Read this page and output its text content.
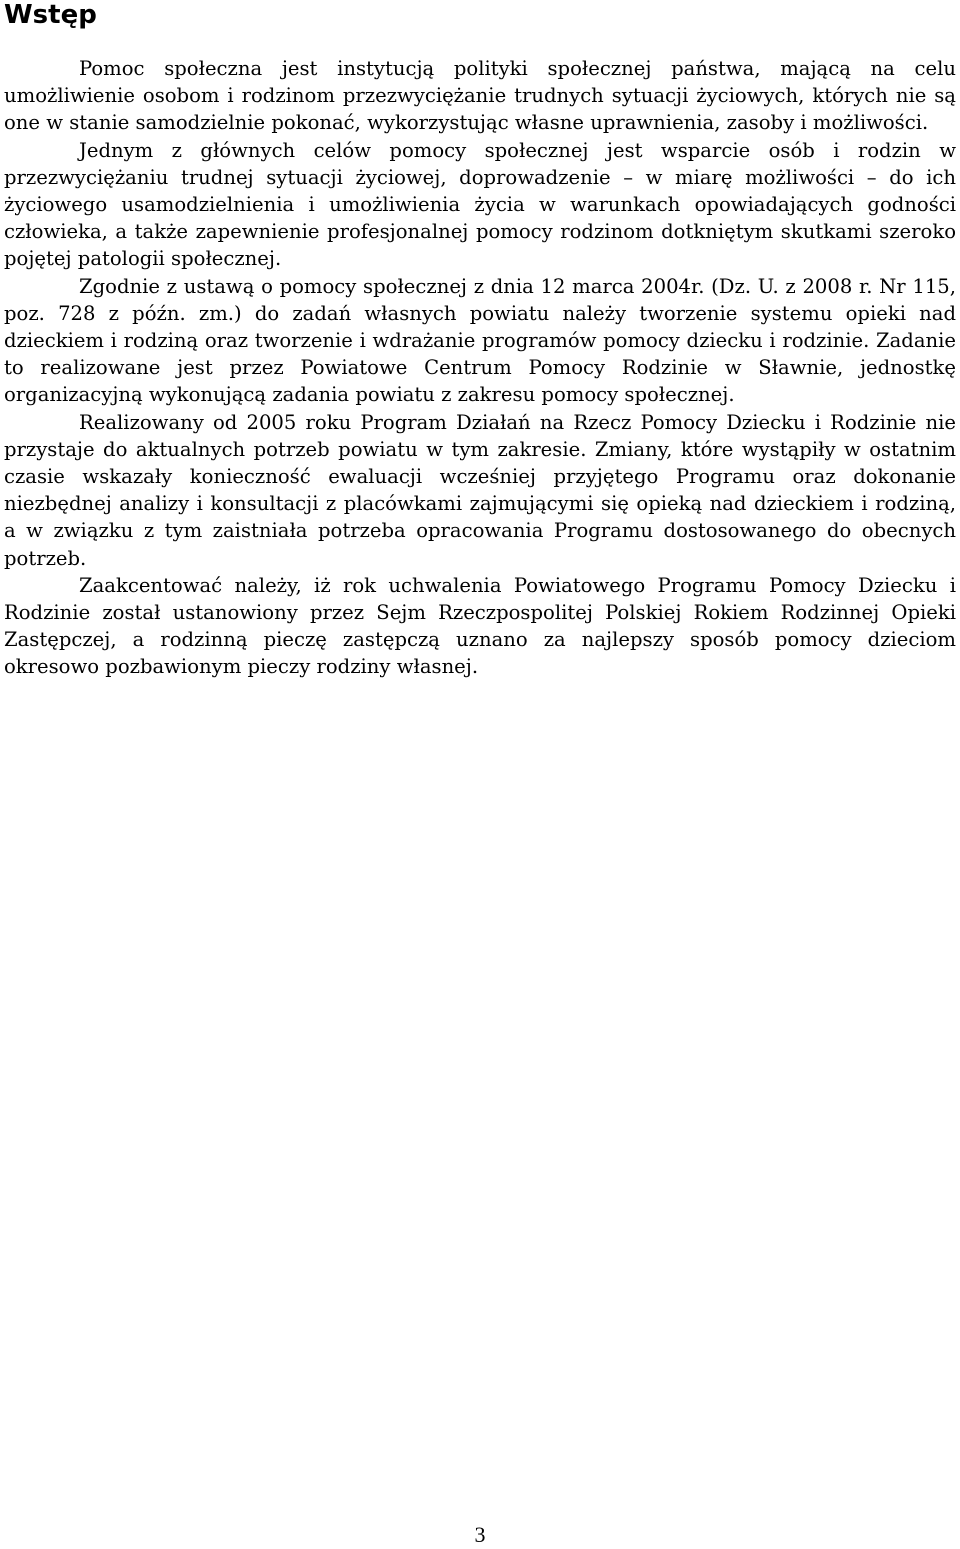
Wstęp

Pomoc społeczna jest instytucją polityki społecznej państwa, mającą na celu umożliwienie osobom i rodzinom przezwyciężanie trudnych sytuacji życiowych, których nie są one w stanie samodzielnie pokonać, wykorzystując własne uprawnienia, zasoby i możliwości.

Jednym z głównych celów pomocy społecznej jest wsparcie osób i rodzin w przezwyciężaniu trudnej sytuacji życiowej, doprowadzenie – w miarę możliwości – do ich życiowego usamodzielnienia i umożliwienia życia w warunkach opowiadających godności człowieka, a także zapewnienie profesjonalnej pomocy rodzinom dotkniętym skutkami szeroko pojętej patologii społecznej.

Zgodnie z ustawą o pomocy społecznej z dnia 12 marca 2004r. (Dz. U. z 2008 r. Nr 115, poz. 728 z późn. zm.) do zadań własnych powiatu należy tworzenie systemu opieki nad dzieckiem i rodziną oraz tworzenie i wdrażanie programów pomocy dziecku i rodzinie. Zadanie to realizowane jest przez Powiatowe Centrum Pomocy Rodzinie w Sławnie, jednostkę organizacyjną wykonującą zadania powiatu z zakresu pomocy społecznej.

Realizowany od 2005 roku Program Działań na Rzecz Pomocy Dziecku i Rodzinie nie przystaje do aktualnych potrzeb powiatu w tym zakresie. Zmiany, które wystąpiły w ostatnim czasie wskazały konieczność ewaluacji wcześniej przyjętego Programu oraz dokonanie niezbędnej analizy i konsultacji z placówkami zajmującymi się opieką nad dzieckiem i rodziną, a w związku z tym zaistniała potrzeba opracowania Programu dostosowanego do obecnych potrzeb.

Zaakcentować należy, iż rok uchwalenia Powiatowego Programu Pomocy Dziecku i Rodzinie został ustanowiony przez Sejm Rzeczpospolitej Polskiej Rokiem Rodzinnej Opieki Zastępczej, a rodzinną pieczę zastępczą uznano za najlepszy sposób pomocy dzieciom okresowo pozbawionym pieczy rodziny własnej.

3
